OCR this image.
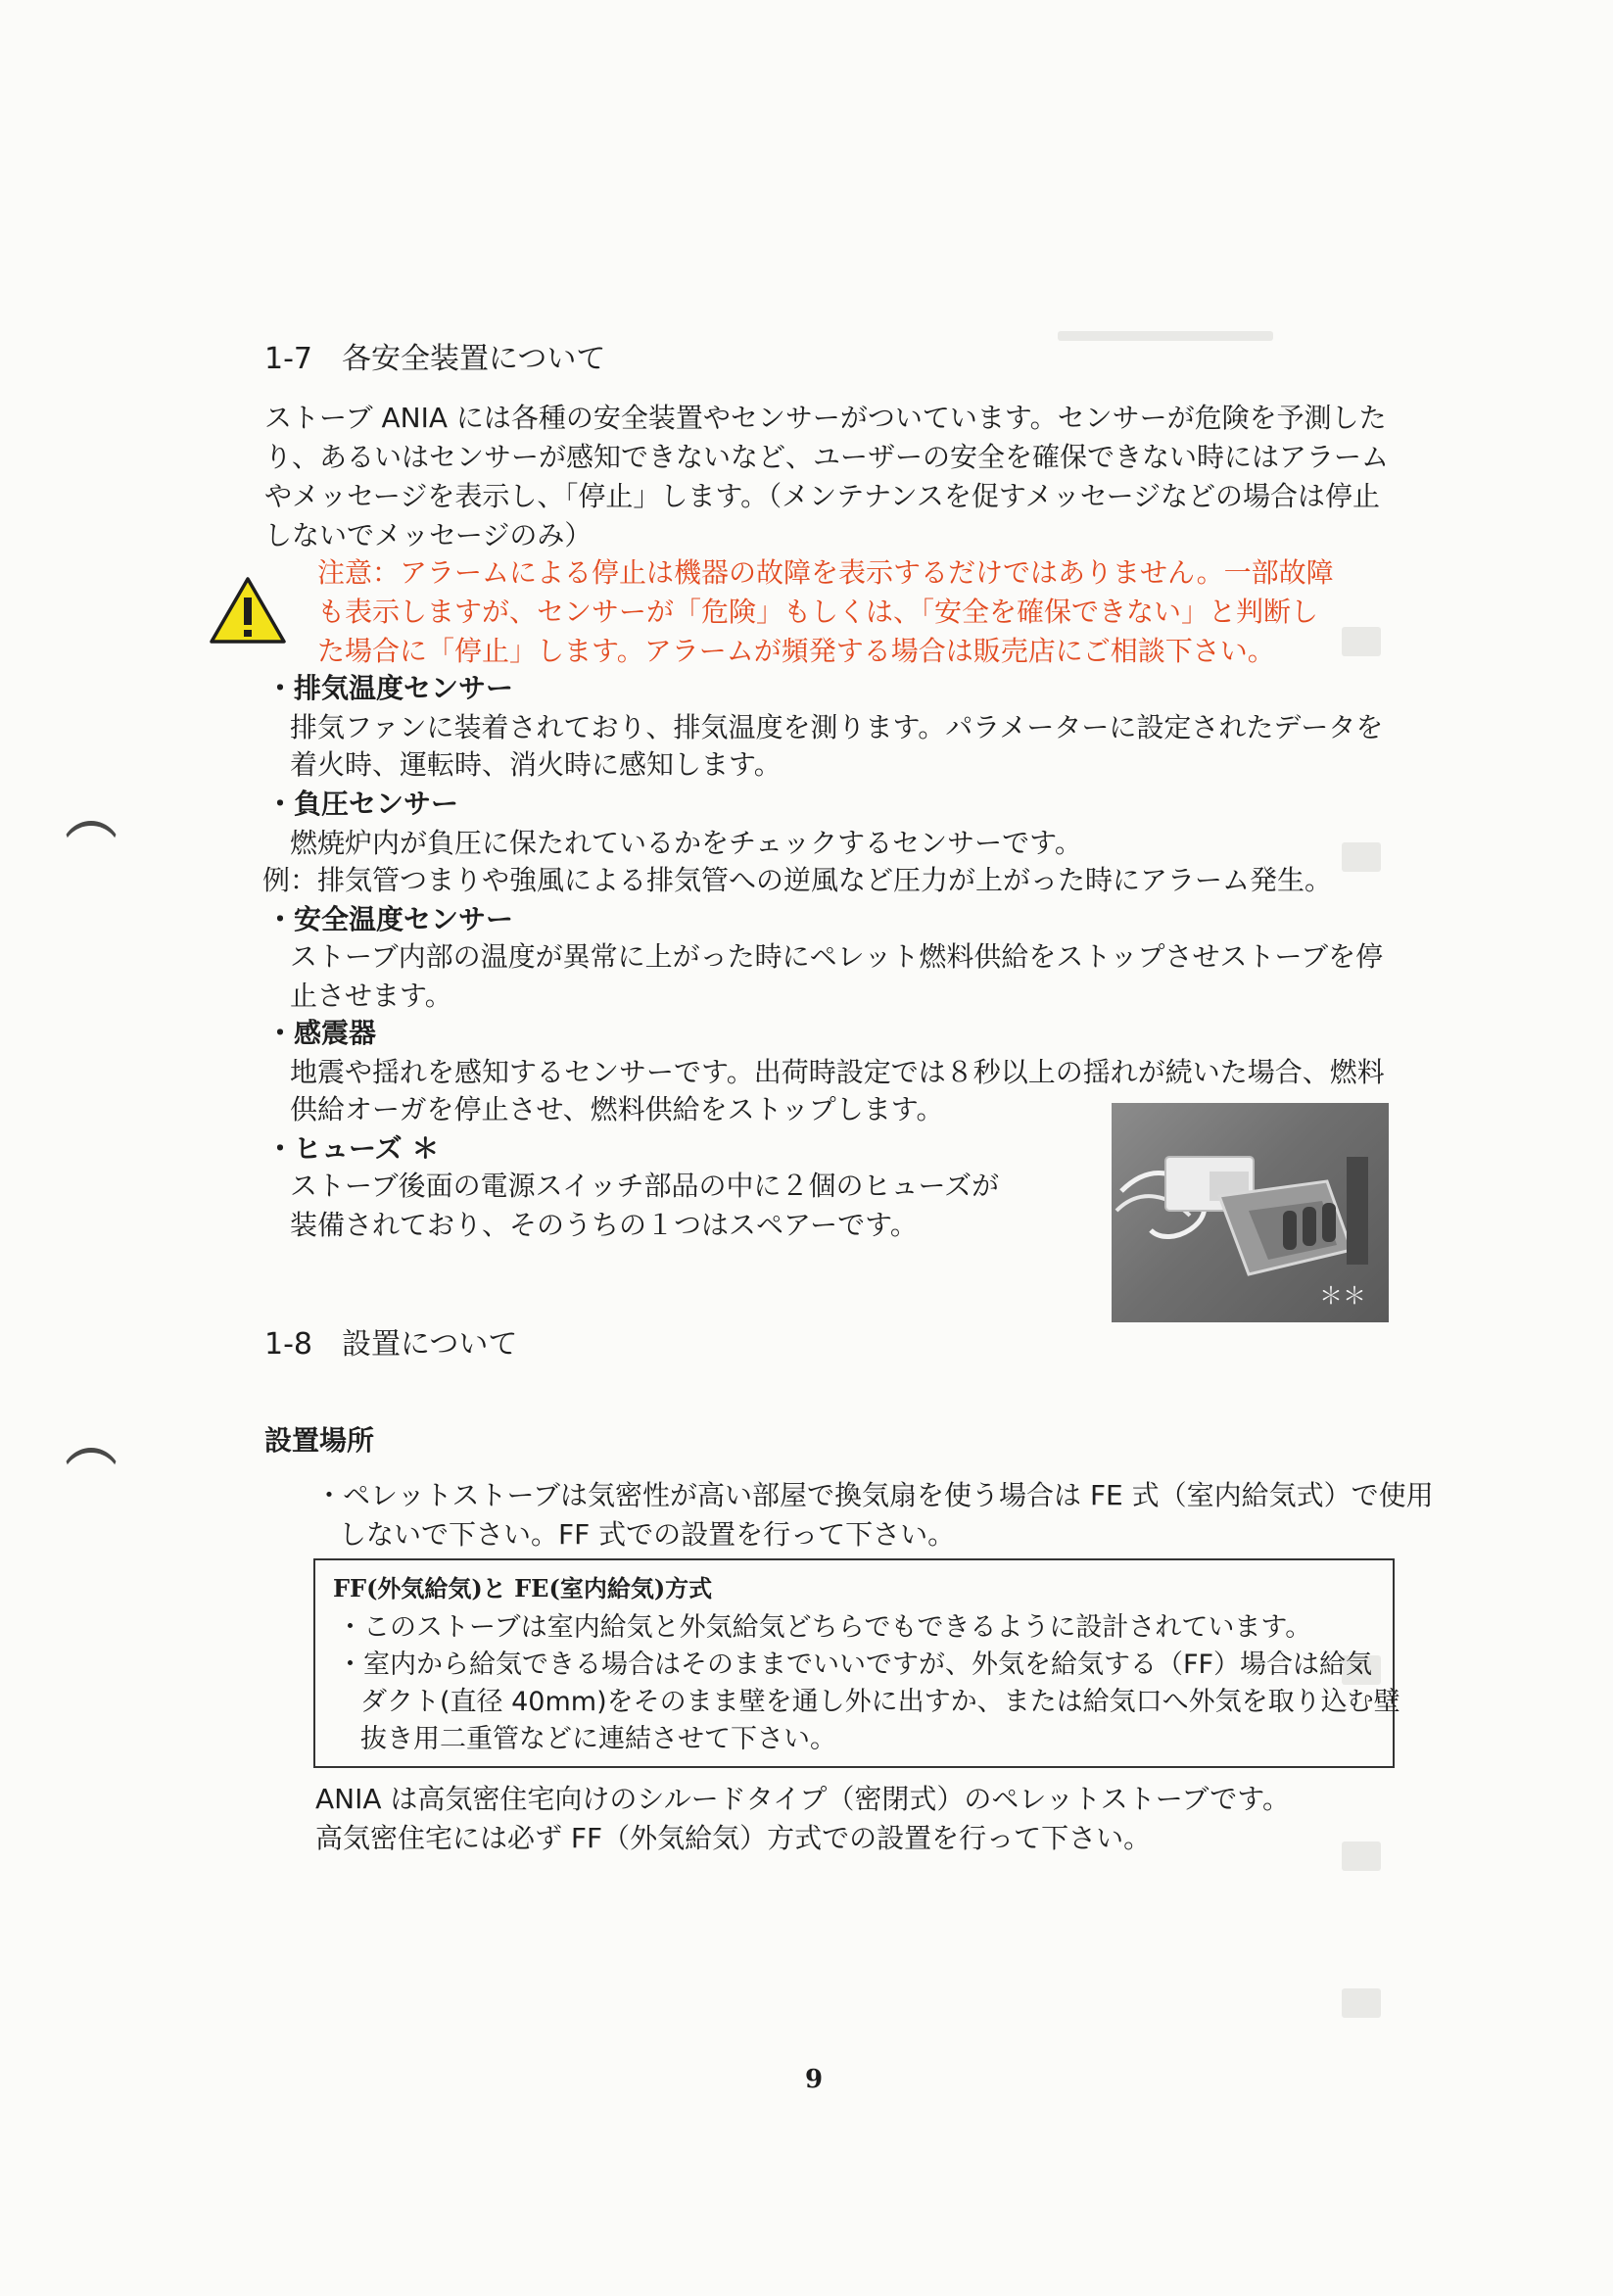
1-7　各安全装置について
ストーブ ANIA には各種の安全装置やセンサーがついています。センサーが危険を予測した
り、あるいはセンサーが感知できないなど、ユーザーの安全を確保できない時にはアラーム
やメッセージを表示し、「停止」します。（メンテナンスを促すメッセージなどの場合は停止
しないでメッセージのみ）
注意：アラームによる停止は機器の故障を表示するだけではありません。一部故障
も表示しますが、センサーが「危険」もしくは、「安全を確保できない」と判断し
た場合に「停止」します。アラームが頻発する場合は販売店にご相談下さい。
・排気温度センサー
排気ファンに装着されており、排気温度を測ります。パラメーターに設定されたデータを
着火時、運転時、消火時に感知します。
・負圧センサー
燃焼炉内が負圧に保たれているかをチェックするセンサーです。
例：排気管つまりや強風による排気管への逆風など圧力が上がった時にアラーム発生。
・安全温度センサー
ストーブ内部の温度が異常に上がった時にペレット燃料供給をストップさせストーブを停
止させます。
・感震器
地震や揺れを感知するセンサーです。出荷時設定では８秒以上の揺れが続いた場合、燃料
供給オーガを停止させ、燃料供給をストップします。
・ヒューズ ＊
ストーブ後面の電源スイッチ部品の中に２個のヒューズが
装備されており、そのうちの１つはスペアーです。
＊＊
1-8　設置について
設置場所
・ペレットストーブは気密性が高い部屋で換気扇を使う場合は FE 式（室内給気式）で使用
しないで下さい。FF 式での設置を行って下さい。
FF(外気給気)と FE(室内給気)方式
・このストーブは室内給気と外気給気どちらでもできるように設計されています。
・室内から給気できる場合はそのままでいいですが、外気を給気する（FF）場合は給気
ダクト(直径 40mm)をそのまま壁を通し外に出すか、または給気口へ外気を取り込む壁
抜き用二重管などに連結させて下さい。
ANIA は高気密住宅向けのシルードタイプ（密閉式）のペレットストーブです。
高気密住宅には必ず FF（外気給気）方式での設置を行って下さい。
9
